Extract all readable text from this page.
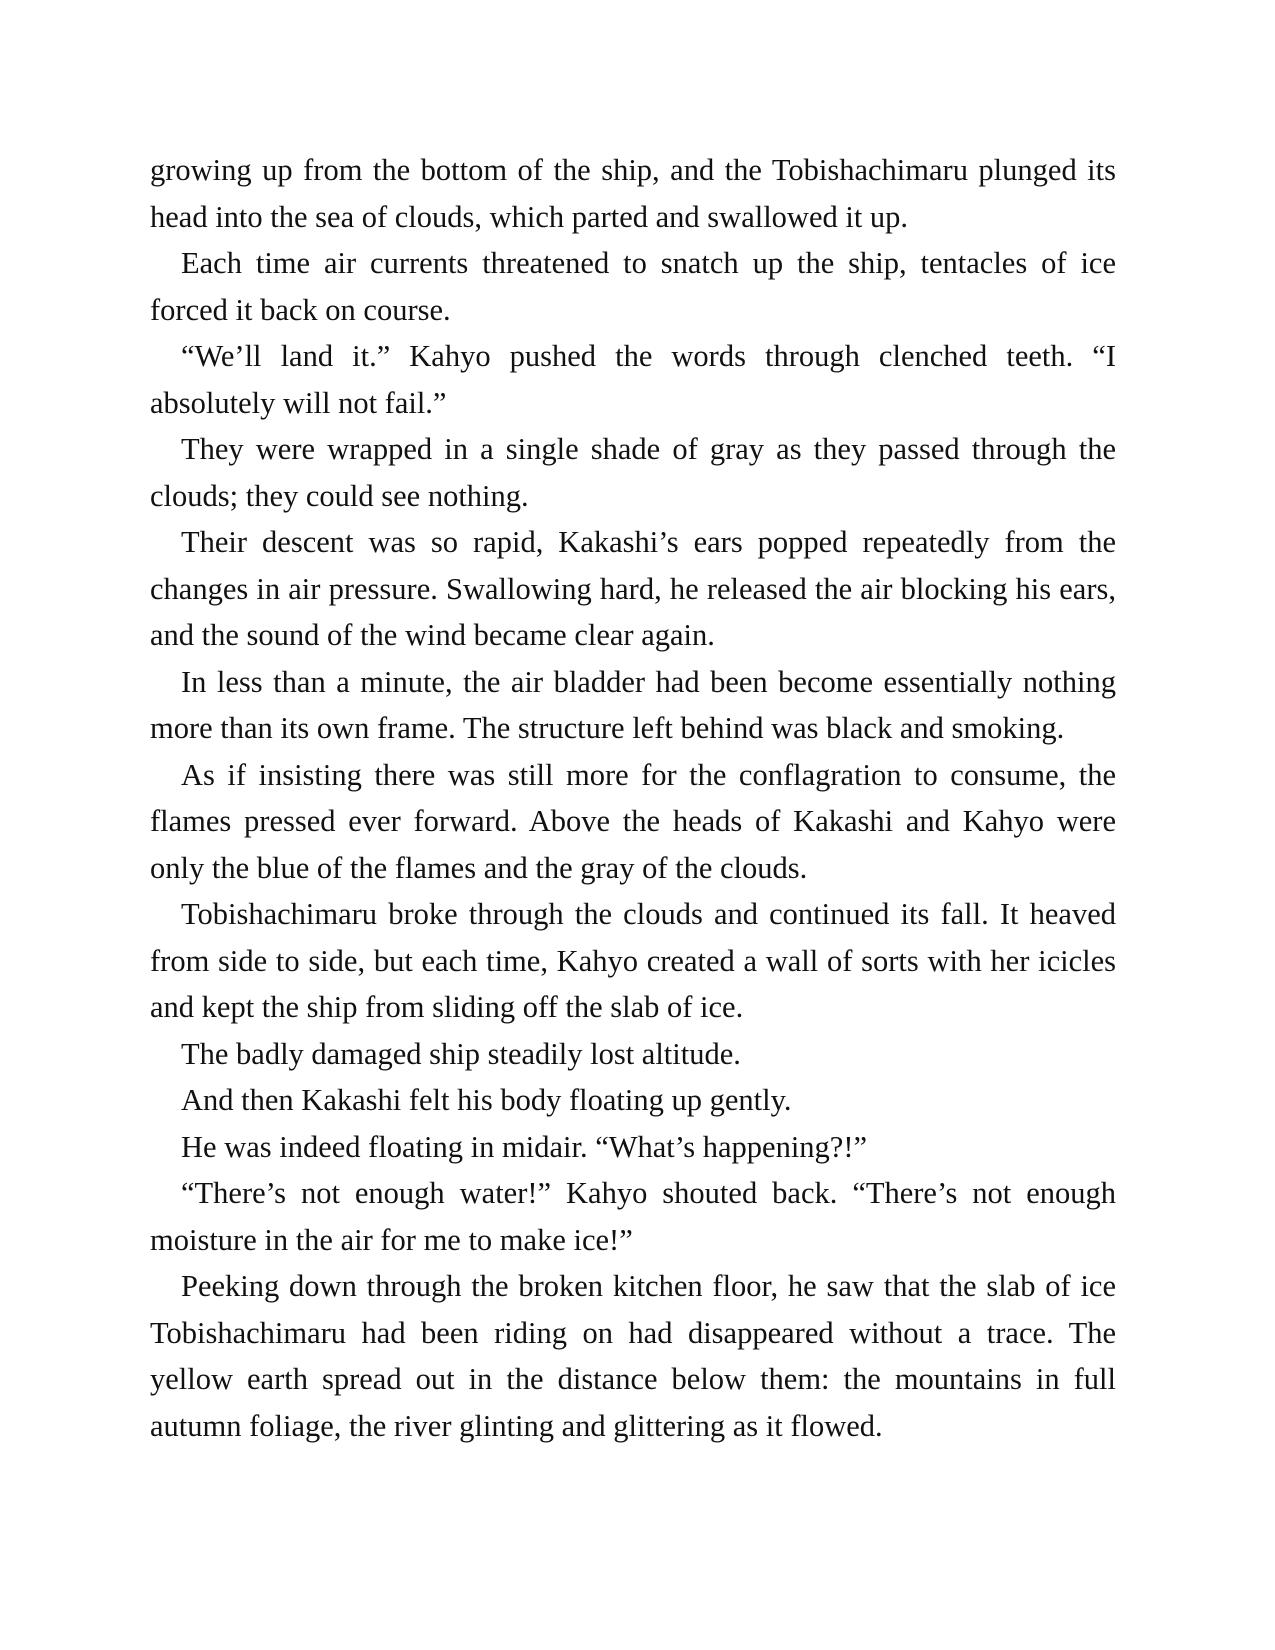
growing up from the bottom of the ship, and the Tobishachimaru plunged its head into the sea of clouds, which parted and swallowed it up.

Each time air currents threatened to snatch up the ship, tentacles of ice forced it back on course.

“We’ll land it.” Kahyo pushed the words through clenched teeth. “I absolutely will not fail.”

They were wrapped in a single shade of gray as they passed through the clouds; they could see nothing.

Their descent was so rapid, Kakashi’s ears popped repeatedly from the changes in air pressure. Swallowing hard, he released the air blocking his ears, and the sound of the wind became clear again.

In less than a minute, the air bladder had been become essentially nothing more than its own frame. The structure left behind was black and smoking.

As if insisting there was still more for the conflagration to consume, the flames pressed ever forward. Above the heads of Kakashi and Kahyo were only the blue of the flames and the gray of the clouds.

Tobishachimaru broke through the clouds and continued its fall. It heaved from side to side, but each time, Kahyo created a wall of sorts with her icicles and kept the ship from sliding off the slab of ice.

The badly damaged ship steadily lost altitude.

And then Kakashi felt his body floating up gently.

He was indeed floating in midair. “What’s happening?!”

“There’s not enough water!” Kahyo shouted back. “There’s not enough moisture in the air for me to make ice!”

Peeking down through the broken kitchen floor, he saw that the slab of ice Tobishachimaru had been riding on had disappeared without a trace. The yellow earth spread out in the distance below them: the mountains in full autumn foliage, the river glinting and glittering as it flowed.
